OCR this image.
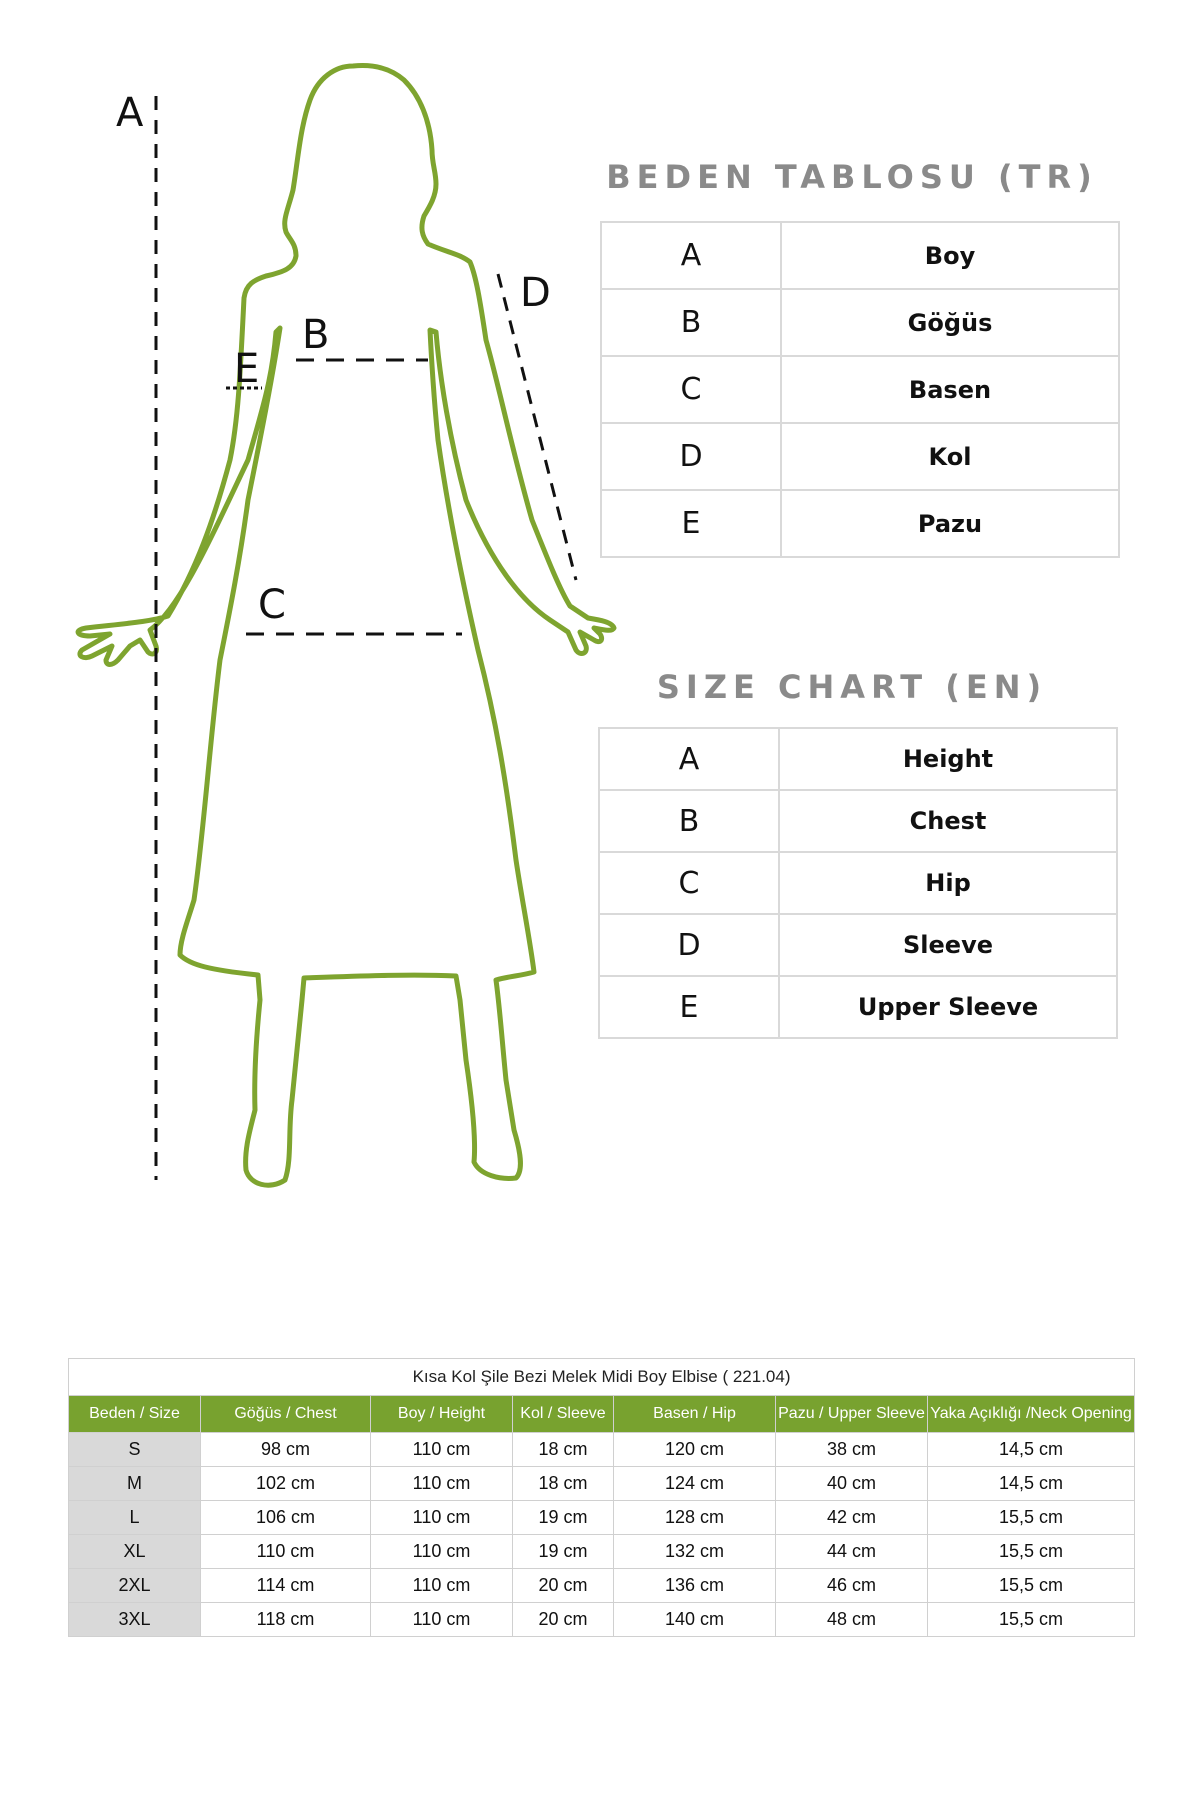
A
B
C
D
E
BEDEN TABLOSU (TR)
A	Boy
B	Göğüs
C	Basen
D	Kol
E	Pazu
SIZE CHART (EN)
A	Height
B	Chest
C	Hip
D	Sleeve
E	Upper Sleeve
Kısa Kol Şile Bezi Melek Midi Boy Elbise ( 221.04)						
Beden / Size	Göğüs / Chest	Boy / Height	Kol / Sleeve	Basen / Hip	Pazu / Upper Sleeve	Yaka Açıklığı /Neck Opening
S	98 cm	110 cm	18 cm	120 cm	38 cm	14,5 cm
M	102 cm	110 cm	18 cm	124 cm	40 cm	14,5 cm
L	106 cm	110 cm	19 cm	128 cm	42 cm	15,5 cm
XL	110 cm	110 cm	19 cm	132 cm	44 cm	15,5 cm
2XL	114 cm	110 cm	20 cm	136 cm	46 cm	15,5 cm
3XL	118 cm	110 cm	20 cm	140 cm	48 cm	15,5 cm
